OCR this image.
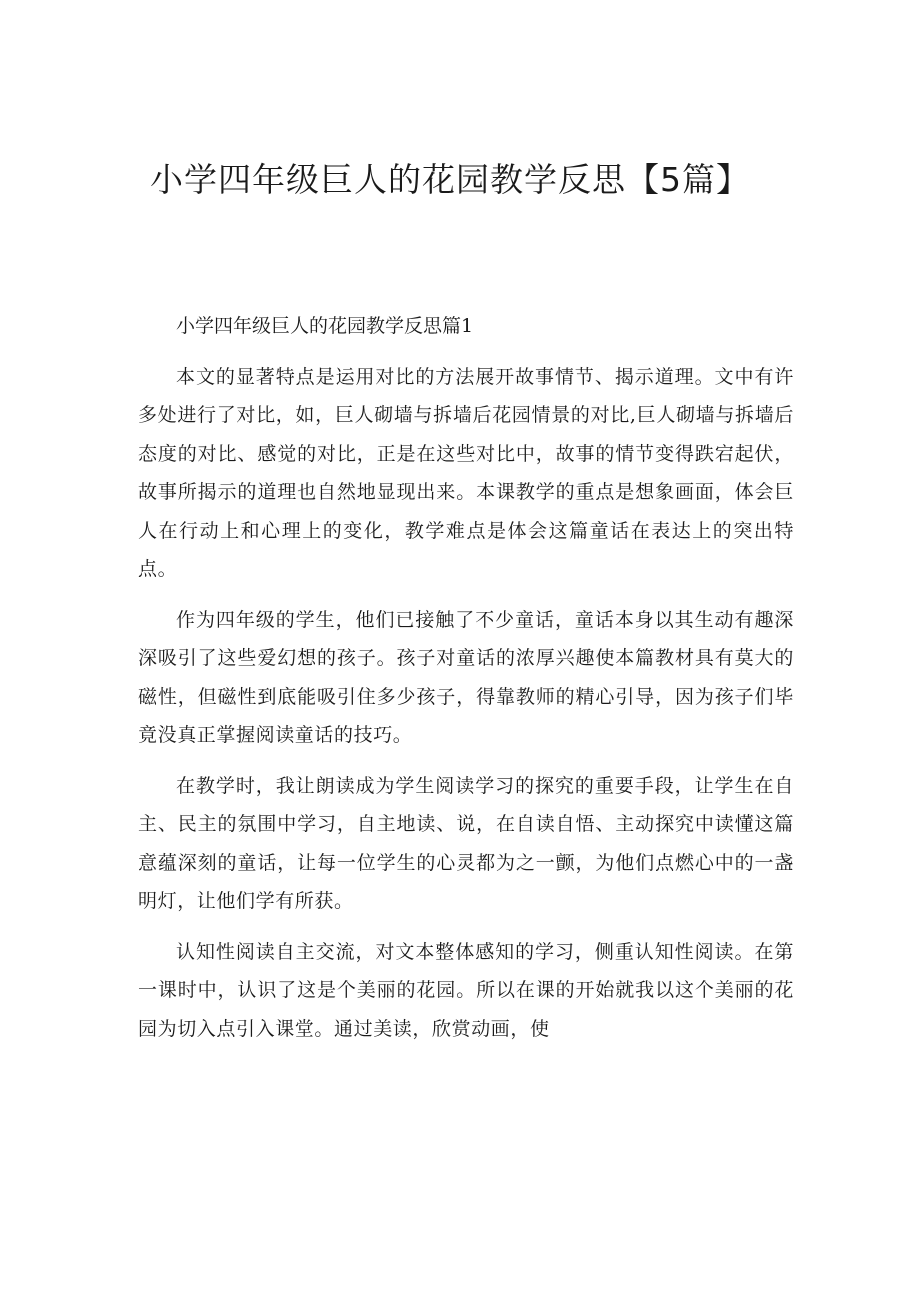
小学四年级巨人的花园教学反思【5篇】

小学四年级巨人的花园教学反思篇1

本文的显著特点是运用对比的方法展开故事情节、揭示道理。文中有许多处进行了对比，如，巨人砌墙与拆墙后花园情景的对比,巨人砌墙与拆墙后态度的对比、感觉的对比，正是在这些对比中，故事的情节变得跌宕起伏，故事所揭示的道理也自然地显现出来。本课教学的重点是想象画面，体会巨人在行动上和心理上的变化，教学难点是体会这篇童话在表达上的突出特点。

作为四年级的学生，他们已接触了不少童话，童话本身以其生动有趣深深吸引了这些爱幻想的孩子。孩子对童话的浓厚兴趣使本篇教材具有莫大的磁性，但磁性到底能吸引住多少孩子，得靠教师的精心引导，因为孩子们毕竟没真正掌握阅读童话的技巧。

在教学时，我让朗读成为学生阅读学习的探究的重要手段，让学生在自主、民主的氛围中学习，自主地读、说，在自读自悟、主动探究中读懂这篇意蕴深刻的童话，让每一位学生的心灵都为之一颤，为他们点燃心中的一盏明灯，让他们学有所获。

认知性阅读自主交流，对文本整体感知的学习，侧重认知性阅读。在第一课时中，认识了这是个美丽的花园。所以在课的开始就我以这个美丽的花园为切入点引入课堂。通过美读，欣赏动画，使
